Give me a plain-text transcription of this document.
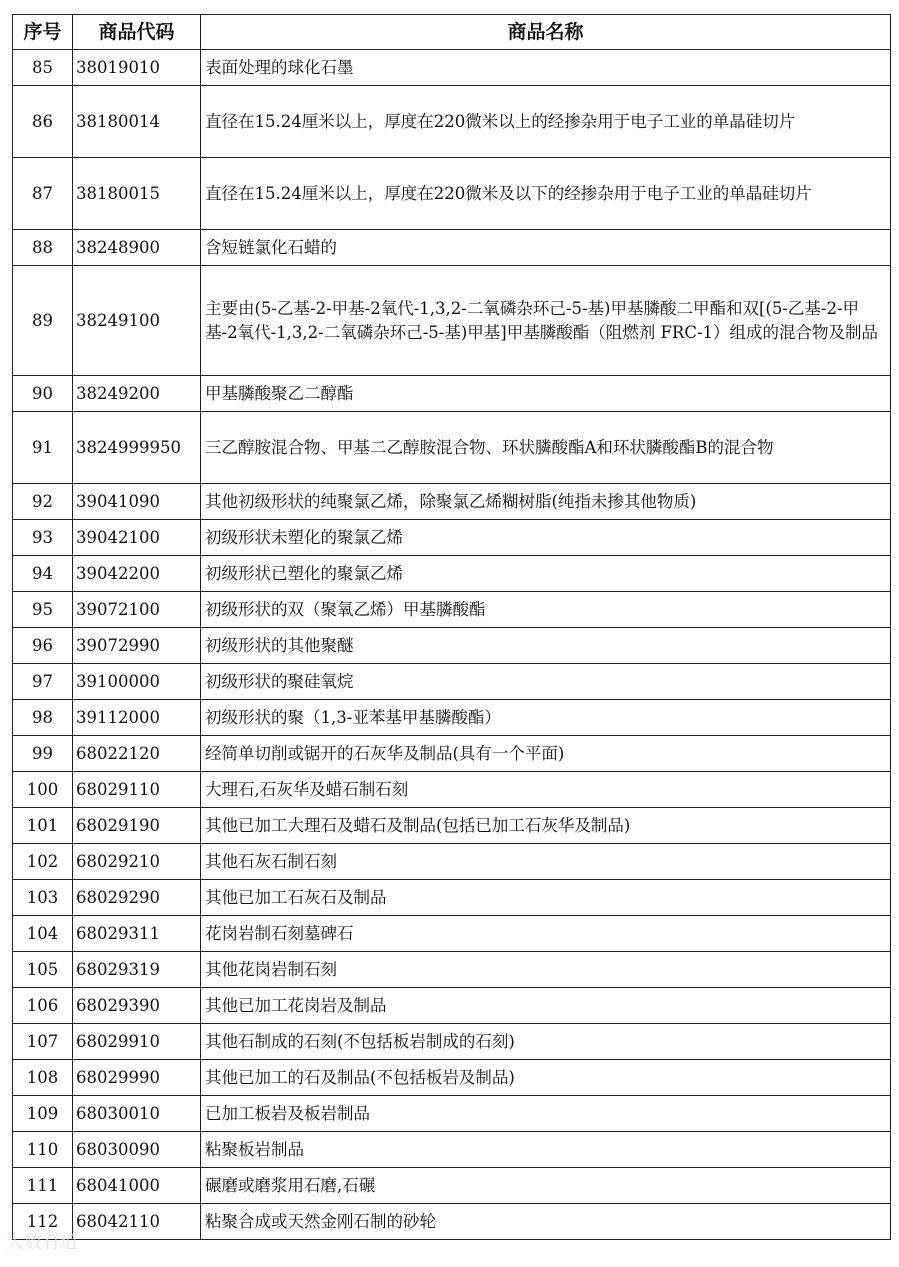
序号	商品代码	商品名称
85	38019010	表面处理的球化石墨
86	38180014	直径在15.24厘米以上，厚度在220微米以上的经掺杂用于电子工业的单晶硅切片
87	38180015	直径在15.24厘米以上，厚度在220微米及以下的经掺杂用于电子工业的单晶硅切片
88	38248900	含短链氯化石蜡的
89	38249100	主要由(5-乙基-2-甲基-2氧代-1,3,2-二氧磷杂环己-5-基)甲基膦酸二甲酯和双[(5-乙基-2-甲基-2氧代-1,3,2-二氧磷杂环己-5-基)甲基]甲基膦酸酯（阻燃剂 FRC-1）组成的混合物及制品
90	38249200	甲基膦酸聚乙二醇酯
91	3824999950	三乙醇胺混合物、甲基二乙醇胺混合物、环状膦酸酯A和环状膦酸酯B的混合物
92	39041090	其他初级形状的纯聚氯乙烯，除聚氯乙烯糊树脂(纯指未掺其他物质)
93	39042100	初级形状未塑化的聚氯乙烯
94	39042200	初级形状已塑化的聚氯乙烯
95	39072100	初级形状的双（聚氧乙烯）甲基膦酸酯
96	39072990	初级形状的其他聚醚
97	39100000	初级形状的聚硅氧烷
98	39112000	初级形状的聚（1,3-亚苯基甲基膦酸酯）
99	68022120	经简单切削或锯开的石灰华及制品(具有一个平面)
100	68029110	大理石,石灰华及蜡石制石刻
101	68029190	其他已加工大理石及蜡石及制品(包括已加工石灰华及制品)
102	68029210	其他石灰石制石刻
103	68029290	其他已加工石灰石及制品
104	68029311	花岗岩制石刻墓碑石
105	68029319	其他花岗岩制石刻
106	68029390	其他已加工花岗岩及制品
107	68029910	其他石制成的石刻(不包括板岩制成的石刻)
108	68029990	其他已加工的石及制品(不包括板岩及制品)
109	68030010	已加工板岩及板岩制品
110	68030090	粘聚板岩制品
111	68041000	碾磨或磨浆用石磨,石碾
112	68042110	粘聚合成或天然金刚石制的砂轮
大数有道
